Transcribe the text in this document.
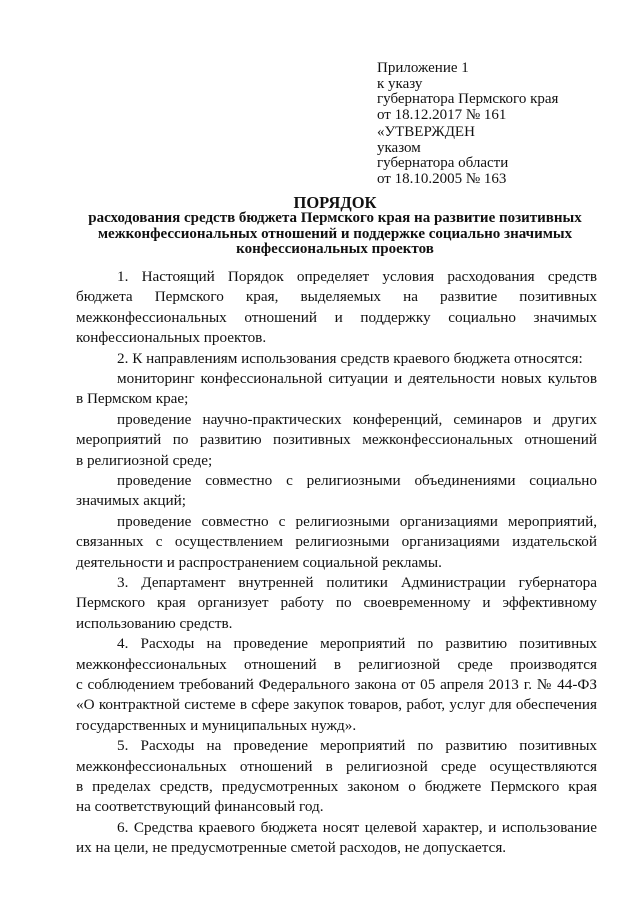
Приложение 1
к указу
губернатора Пермского края
от 18.12.2017 № 161
«УТВЕРЖДЕН
указом
губернатора области
от 18.10.2005 № 163
ПОРЯДОК
расходования средств бюджета Пермского края на развитие позитивных
межконфессиональных отношений и поддержке социально значимых
конфессиональных проектов
1. Настоящий Порядок определяет условия расходования средств
бюджета Пермского края, выделяемых на развитие позитивных
межконфессиональных отношений и поддержку социально значимых
конфессиональных проектов.
2. К направлениям использования средств краевого бюджета относятся:
мониторинг конфессиональной ситуации и деятельности новых культов
в Пермском крае;
проведение научно-практических конференций, семинаров и других
мероприятий по развитию позитивных межконфессиональных отношений
в религиозной среде;
проведение совместно с религиозными объединениями социально
значимых акций;
проведение совместно с религиозными организациями мероприятий,
связанных с осуществлением религиозными организациями издательской
деятельности и распространением социальной рекламы.
3. Департамент внутренней политики Администрации губернатора
Пермского края организует работу по своевременному и эффективному
использованию средств.
4. Расходы на проведение мероприятий по развитию позитивных
межконфессиональных отношений в религиозной среде производятся
с соблюдением требований Федерального закона от 05 апреля 2013 г. № 44-ФЗ
«О контрактной системе в сфере закупок товаров, работ, услуг для обеспечения
государственных и муниципальных нужд».
5. Расходы на проведение мероприятий по развитию позитивных
межконфессиональных отношений в религиозной среде осуществляются
в пределах средств, предусмотренных законом о бюджете Пермского края
на соответствующий финансовый год.
6. Средства краевого бюджета носят целевой характер, и использование
их на цели, не предусмотренные сметой расходов, не допускается.
